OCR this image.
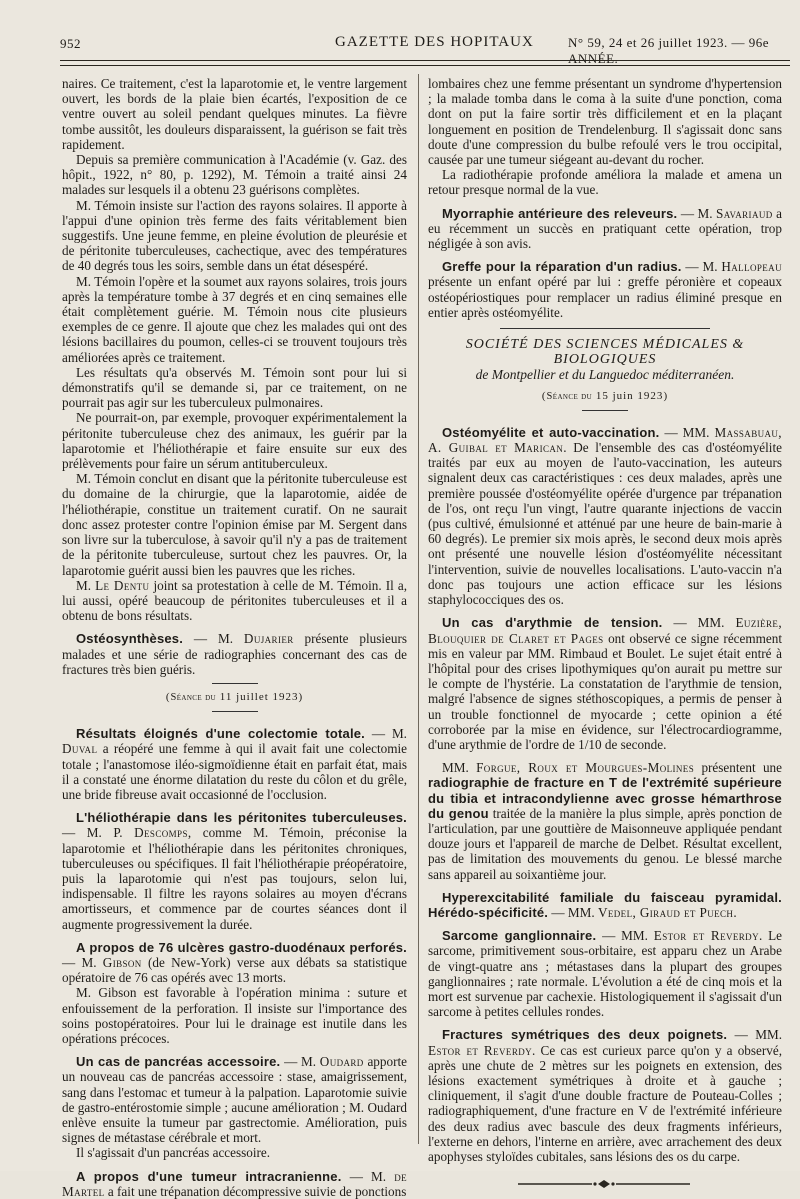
952	GAZETTE DES HOPITAUX	N° 59, 24 et 26 juillet 1923. — 96e ANNÉE.

naires. Ce traitement, c'est la laparotomie et, le ventre largement ouvert, les bords de la plaie bien écartés, l'exposition de ce ventre ouvert au soleil pendant quelques minutes. La fièvre tombe aussitôt, les douleurs disparaissent, la guérison se fait très rapidement.

Depuis sa première communication à l'Académie (v. Gaz. des hôpit., 1922, n° 80, p. 1292), M. Témoin a traité ainsi 24 malades sur lesquels il a obtenu 23 guérisons complètes.

M. Témoin insiste sur l'action des rayons solaires. Il apporte à l'appui d'une opinion très ferme des faits véritablement bien suggestifs. Une jeune femme, en pleine évolution de pleurésie et de péritonite tuberculeuses, cachectique, avec des températures de 40 degrés tous les soirs, semble dans un état désespéré.

M. Témoin l'opère et la soumet aux rayons solaires, trois jours après la température tombe à 37 degrés et en cinq semaines elle était complètement guérie. M. Témoin nous cite plusieurs exemples de ce genre. Il ajoute que chez les malades qui ont des lésions bacillaires du poumon, celles-ci se trouvent toujours très améliorées après ce traitement.

Les résultats qu'a observés M. Témoin sont pour lui si démonstratifs qu'il se demande si, par ce traitement, on ne pourrait pas agir sur les tuberculeux pulmonaires.

Ne pourrait-on, par exemple, provoquer expérimentalement la péritonite tuberculeuse chez des animaux, les guérir par la laparotomie et l'héliothérapie et faire ensuite sur eux des prélèvements pour faire un sérum antituberculeux.

M. Témoin conclut en disant que la péritonite tuberculeuse est du domaine de la chirurgie, que la laparotomie, aidée de l'héliothérapie, constitue un traitement curatif. On ne saurait donc assez protester contre l'opinion émise par M. Sergent dans son livre sur la tuberculose, à savoir qu'il n'y a pas de traitement de la péritonite tuberculeuse, surtout chez les pauvres. Or, la laparotomie guérit aussi bien les pauvres que les riches.

M. Le Dentu joint sa protestation à celle de M. Témoin. Il a, lui aussi, opéré beaucoup de péritonites tuberculeuses et il a obtenu de bons résultats.

Ostéosynthèses. — M. Dujarier présente plusieurs malades et une série de radiographies concernant des cas de fractures très bien guéris.

(Séance du 11 juillet 1923)

Résultats éloignés d'une colectomie totale. — M. Duval a réopéré une femme à qui il avait fait une colectomie totale ; l'anastomose iléo-sigmoïdienne était en parfait état, mais il a constaté une énorme dilatation du reste du côlon et du grêle, une bride fibreuse avait occasionné de l'occlusion.

L'héliothérapie dans les péritonites tuberculeuses. — M. P. Descomps, comme M. Témoin, préconise la laparotomie et l'héliothérapie dans les péritonites chroniques, tuberculeuses ou spécifiques. Il fait l'héliothérapie préopératoire, puis la laparotomie qui n'est pas toujours, selon lui, indispensable. Il filtre les rayons solaires au moyen d'écrans amortisseurs, et commence par de courtes séances dont il augmente progressivement la durée.

A propos de 76 ulcères gastro-duodénaux perforés. — M. Gibson (de New-York) verse aux débats sa statistique opératoire de 76 cas opérés avec 13 morts.

M. Gibson est favorable à l'opération minima : suture et enfouissement de la perforation. Il insiste sur l'importance des soins postopératoires. Pour lui le drainage est inutile dans les opérations précoces.

Un cas de pancréas accessoire. — M. Oudard apporte un nouveau cas de pancréas accessoire : stase, amaigrissement, sang dans l'estomac et tumeur à la palpation. Laparotomie suivie de gastro-entérostomie simple ; aucune amélioration ; M. Oudard enlève ensuite la tumeur par gastrectomie. Amélioration, puis signes de métastase cérébrale et mort.

Il s'agissait d'un pancréas accessoire.

A propos d'une tumeur intracranienne. — M. de Martel a fait une trépanation décompressive suivie de ponctions

lombaires chez une femme présentant un syndrome d'hypertension ; la malade tomba dans le coma à la suite d'une ponction, coma dont on put la faire sortir très difficilement et en la plaçant longuement en position de Trendelenburg. Il s'agissait donc sans doute d'une compression du bulbe refoulé vers le trou occipital, causée par une tumeur siégeant au-devant du rocher.

La radiothérapie profonde améliora la malade et amena un retour presque normal de la vue.

Myorraphie antérieure des releveurs. — M. Savariaud a eu récemment un succès en pratiquant cette opération, trop négligée à son avis.

Greffe pour la réparation d'un radius. — M. Hallopeau présente un enfant opéré par lui : greffe péronière et copeaux ostéopériostiques pour remplacer un radius éliminé presque en entier après ostéomyélite.

SOCIÉTÉ DES SCIENCES MÉDICALES & BIOLOGIQUES

de Montpellier et du Languedoc méditerranéen.

(Séance du 15 juin 1923)

Ostéomyélite et auto-vaccination. — MM. Massabuau, A. Guibal et Marican. De l'ensemble des cas d'ostéomyélite traités par eux au moyen de l'auto-vaccination, les auteurs signalent deux cas caractéristiques : ces deux malades, après une première poussée d'ostéomyélite opérée d'urgence par trépanation de l'os, ont reçu l'un vingt, l'autre quarante injections de vaccin (pus cultivé, émulsionné et atténué par une heure de bain-marie à 60 degrés). Le premier six mois après, le second deux mois après ont présenté une nouvelle lésion d'ostéomyélite nécessitant l'intervention, suivie de nouvelles localisations. L'auto-vaccin n'a donc pas toujours une action efficace sur les lésions staphylococciques des os.

Un cas d'arythmie de tension. — MM. Euzière, Blouquier de Claret et Pages ont observé ce signe récemment mis en valeur par MM. Rimbaud et Boulet. Le sujet était entré à l'hôpital pour des crises lipothymiques qu'on aurait pu mettre sur le compte de l'hystérie. La constatation de l'arythmie de tension, malgré l'absence de signes stéthoscopiques, a permis de penser à un trouble fonctionnel de myocarde ; cette opinion a été corroborée par la mise en évidence, sur l'électrocardiogramme, d'une arythmie de l'ordre de 1/10 de seconde.

MM. Forgue, Roux et Mourgues-Molines présentent une radiographie de fracture en T de l'extrémité supérieure du tibia et intracondylienne avec grosse hémarthrose du genou traitée de la manière la plus simple, après ponction de l'articulation, par une gouttière de Maisonneuve appliquée pendant douze jours et l'appareil de marche de Delbet. Résultat excellent, pas de limitation des mouvements du genou. Le blessé marche sans appareil au soixantième jour.

Hyperexcitabilité familiale du faisceau pyramidal. Hérédo-spécificité. — MM. Vedel, Giraud et Puech.

Sarcome ganglionnaire. — MM. Estor et Reverdy. Le sarcome, primitivement sous-orbitaire, est apparu chez un Arabe de vingt-quatre ans ; métastases dans la plupart des groupes ganglionnaires ; rate normale. L'évolution a été de cinq mois et la mort est survenue par cachexie. Histologiquement il s'agissait d'un sarcome à petites cellules rondes.

Fractures symétriques des deux poignets. — MM. Estor et Reverdy. Ce cas est curieux parce qu'on y a observé, après une chute de 2 mètres sur les poignets en extension, des lésions exactement symétriques à droite et à gauche ; cliniquement, il s'agit d'une double fracture de Pouteau-Colles ; radiographiquement, d'une fracture en V de l'extrémité inférieure des deux radius avec bascule des deux fragments inférieurs, l'externe en dehors, l'interne en arrière, avec arrachement des deux apophyses styloïdes cubitales, sans lésions des os du carpe.
